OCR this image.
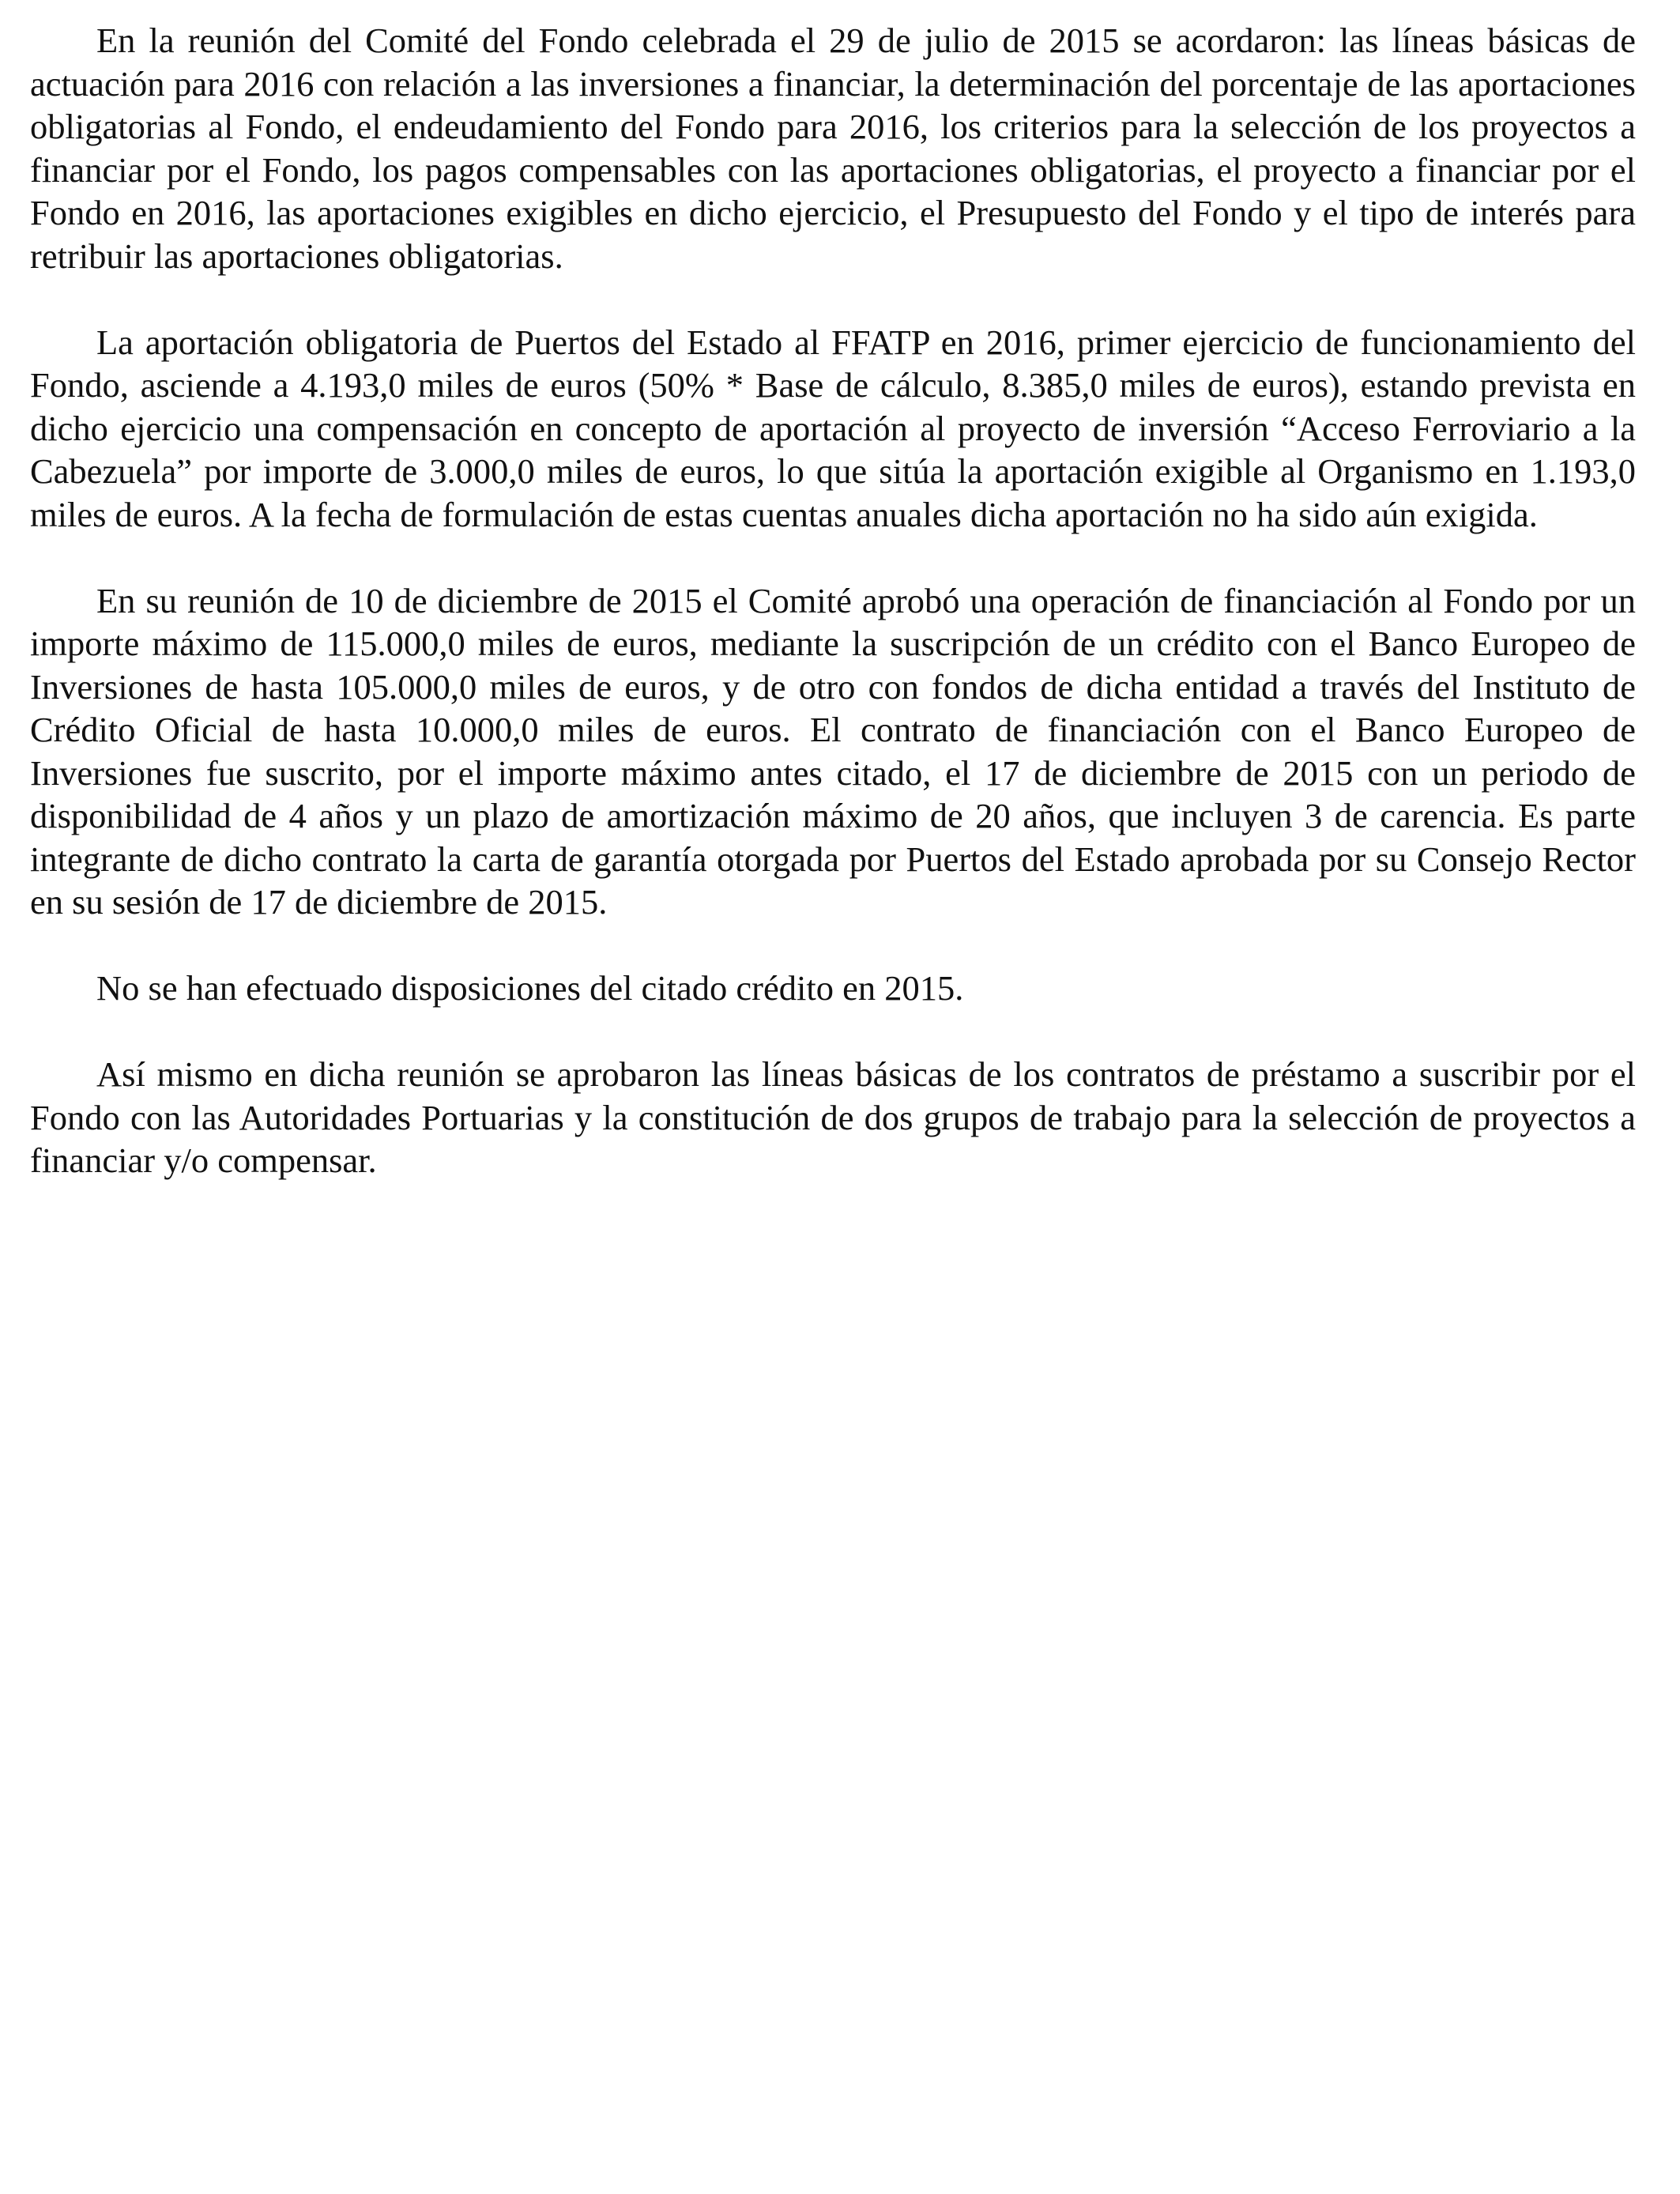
En la reunión del Comité del Fondo celebrada el 29 de julio de 2015 se acordaron: las líneas básicas de actuación para 2016 con relación a las inversiones a financiar, la determinación del porcentaje de las aportaciones obligatorias al Fondo, el endeudamiento del Fondo para 2016, los criterios para la selección de los proyectos a financiar por el Fondo, los pagos compensables con las aportaciones obligatorias, el proyecto a financiar por el Fondo en 2016, las aportaciones exigibles en dicho ejercicio, el Presupuesto del Fondo y el tipo de interés para retribuir las aportaciones obligatorias.

La aportación obligatoria de Puertos del Estado al FFATP en 2016, primer ejercicio de funcionamiento del Fondo, asciende a 4.193,0 miles de euros (50% * Base de cálculo, 8.385,0 miles de euros), estando prevista en dicho ejercicio una compensación en concepto de aportación al proyecto de inversión “Acceso Ferroviario a la Cabezuela” por importe de 3.000,0 miles de euros, lo que sitúa la aportación exigible al Organismo en 1.193,0 miles de euros. A la fecha de formulación de estas cuentas anuales dicha aportación no ha sido aún exigida.

En su reunión de 10 de diciembre de 2015 el Comité aprobó una operación de financiación al Fondo por un importe máximo de 115.000,0 miles de euros, mediante la suscripción de un crédito con el Banco Europeo de Inversiones de hasta 105.000,0 miles de euros, y de otro con fondos de dicha entidad a través del Instituto de Crédito Oficial de hasta 10.000,0 miles de euros. El contrato de financiación con el Banco Europeo de Inversiones fue suscrito, por el importe máximo antes citado, el 17 de diciembre de 2015 con un periodo de disponibilidad de 4 años y un plazo de amortización máximo de 20 años, que incluyen 3 de carencia. Es parte integrante de dicho contrato la carta de garantía otorgada por Puertos del Estado aprobada por su Consejo Rector en su sesión de 17 de diciembre de 2015.

No se han efectuado disposiciones del citado crédito en 2015.

Así mismo en dicha reunión se aprobaron las líneas básicas de los contratos de préstamo a suscribir por el Fondo con las Autoridades Portuarias y la constitución de dos grupos de trabajo para la selección de proyectos a financiar y/o compensar.
